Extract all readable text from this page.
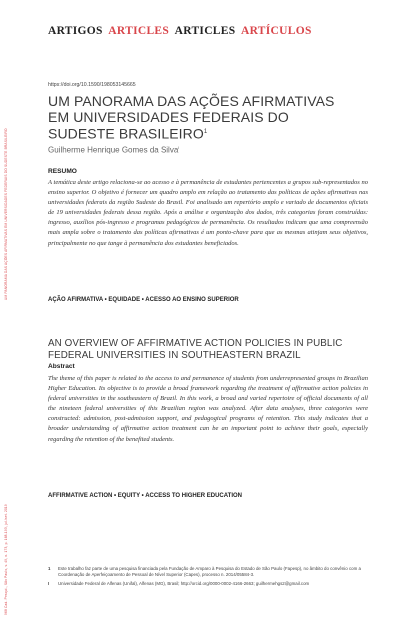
UM PANORAMA DAS AÇÕES AFIRMATIVAS EM UNIVERSIDADES FEDERAIS DO SUDESTE BRASILEIRO
968 Cad. Pesqui., São Paulo, v. 49, n. 173, p. 168-193, jul./set. 2019
ARTIGOS ARTICLES ARTICLES ARTÍCULOS
https://doi.org/10.1590/198053145665
UM PANORAMA DAS AÇÕES AFIRMATIVAS
EM UNIVERSIDADES FEDERAIS DO
SUDESTE BRASILEIRO$^1$
Guilherme Henrique Gomes da Silva$^I$
RESUMO
A temática deste artigo relaciona-se ao acesso e à permanência de estudantes pertencentes a grupos sub-representados no ensino superior. O objetivo é fornecer um quadro amplo em relação ao tratamento das políticas de ações afirmativas nas universidades federais da região Sudeste do Brasil. Foi analisado um repertório amplo e variado de documentos oficiais de 19 universidades federais dessa região. Após a análise e organização dos dados, três categorias foram construídas: ingresso, auxílios pós-ingresso e programas pedagógicos de permanência. Os resultados indicam que uma compreensão mais ampla sobre o tratamento das políticas afirmativas é um ponto-chave para que as mesmas atinjam seus objetivos, principalmente no que tange à permanência dos estudantes beneficiados.
AÇÃO AFIRMATIVA • EQUIDADE • ACESSO AO ENSINO SUPERIOR
AN OVERVIEW OF AFFIRMATIVE ACTION POLICIES IN PUBLIC
FEDERAL UNIVERSITIES IN SOUTHEASTERN BRAZIL
Abstract
The theme of this paper is related to the access to and permanence of students from underrepresented groups in Brazilian Higher Education. Its objective is to provide a broad framework regarding the treatment of affirmative action policies in federal universities in the southeastern of Brazil. In this work, a broad and varied repertoire of official documents of all the nineteen federal universities of this Brazilian region was analyzed. After data analyses, three categories were constructed: admission, post-admission support, and pedagogical programs of retention. This study indicates that a broader understanding of affirmative action treatment can be an important point to achieve their goals, especially regarding the retention of the benefited students.
AFFIRMATIVE ACTION • EQUITY • ACCESS TO HIGHER EDUCATION
1	Este trabalho faz parte de uma pesquisa financiada pela Fundação de Amparo à Pesquisa do Estado de São Paulo (Fapesp), no âmbito do convênio com a Coordenação de Aperfeiçoamento de Pessoal de Nível Superior (Capes), processo n. 2014/05584-3.
I	Universidade Federal de Alfenas (Unifal), Alfenas (MG), Brasil; http://orcid.org/0000-0002-4166-2663; guilhermehgs2@gmail.com
